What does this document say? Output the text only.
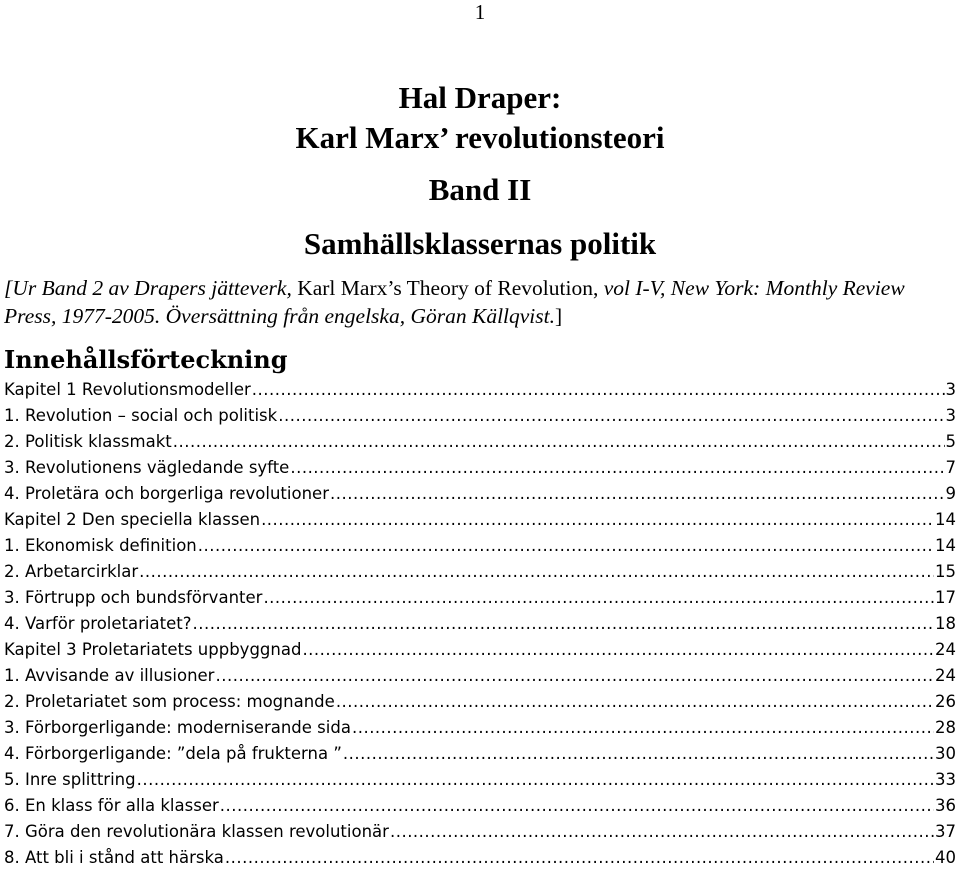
1
Hal Draper:
Karl Marx’ revolutionsteori
Band II
Samhällsklassernas politik
[Ur Band 2 av Drapers jätteverk, Karl Marx’s Theory of Revolution, vol I-V, New York: Monthly Review Press, 1977-2005. Översättning från engelska, Göran Källqvist.]
Innehållsförteckning
Kapitel 1 Revolutionsmodeller .....	3
1. Revolution – social och politisk .....	3
2. Politisk klassmakt .....	5
3. Revolutionens vägledande syfte .....	7
4. Proletära och borgerliga revolutioner .....	9
Kapitel 2 Den speciella klassen .....	14
1. Ekonomisk definition .....	14
2. Arbetarcirklar .....	15
3. Förtrupp och bundsförvanter .....	17
4. Varför proletariatet? .....	18
Kapitel 3 Proletariatets uppbyggnad .....	24
1. Avvisande av illusioner .....	24
2. Proletariatet som process: mognande .....	26
3. Förborgerligande: moderniserande sida .....	28
4. Förborgerligande: ”dela på frukterna ” .....	30
5. Inre splittring .....	33
6. En klass för alla klasser .....	36
7. Göra den revolutionära klassen revolutionär .....	37
8. Att bli i stånd att härska .....	40
